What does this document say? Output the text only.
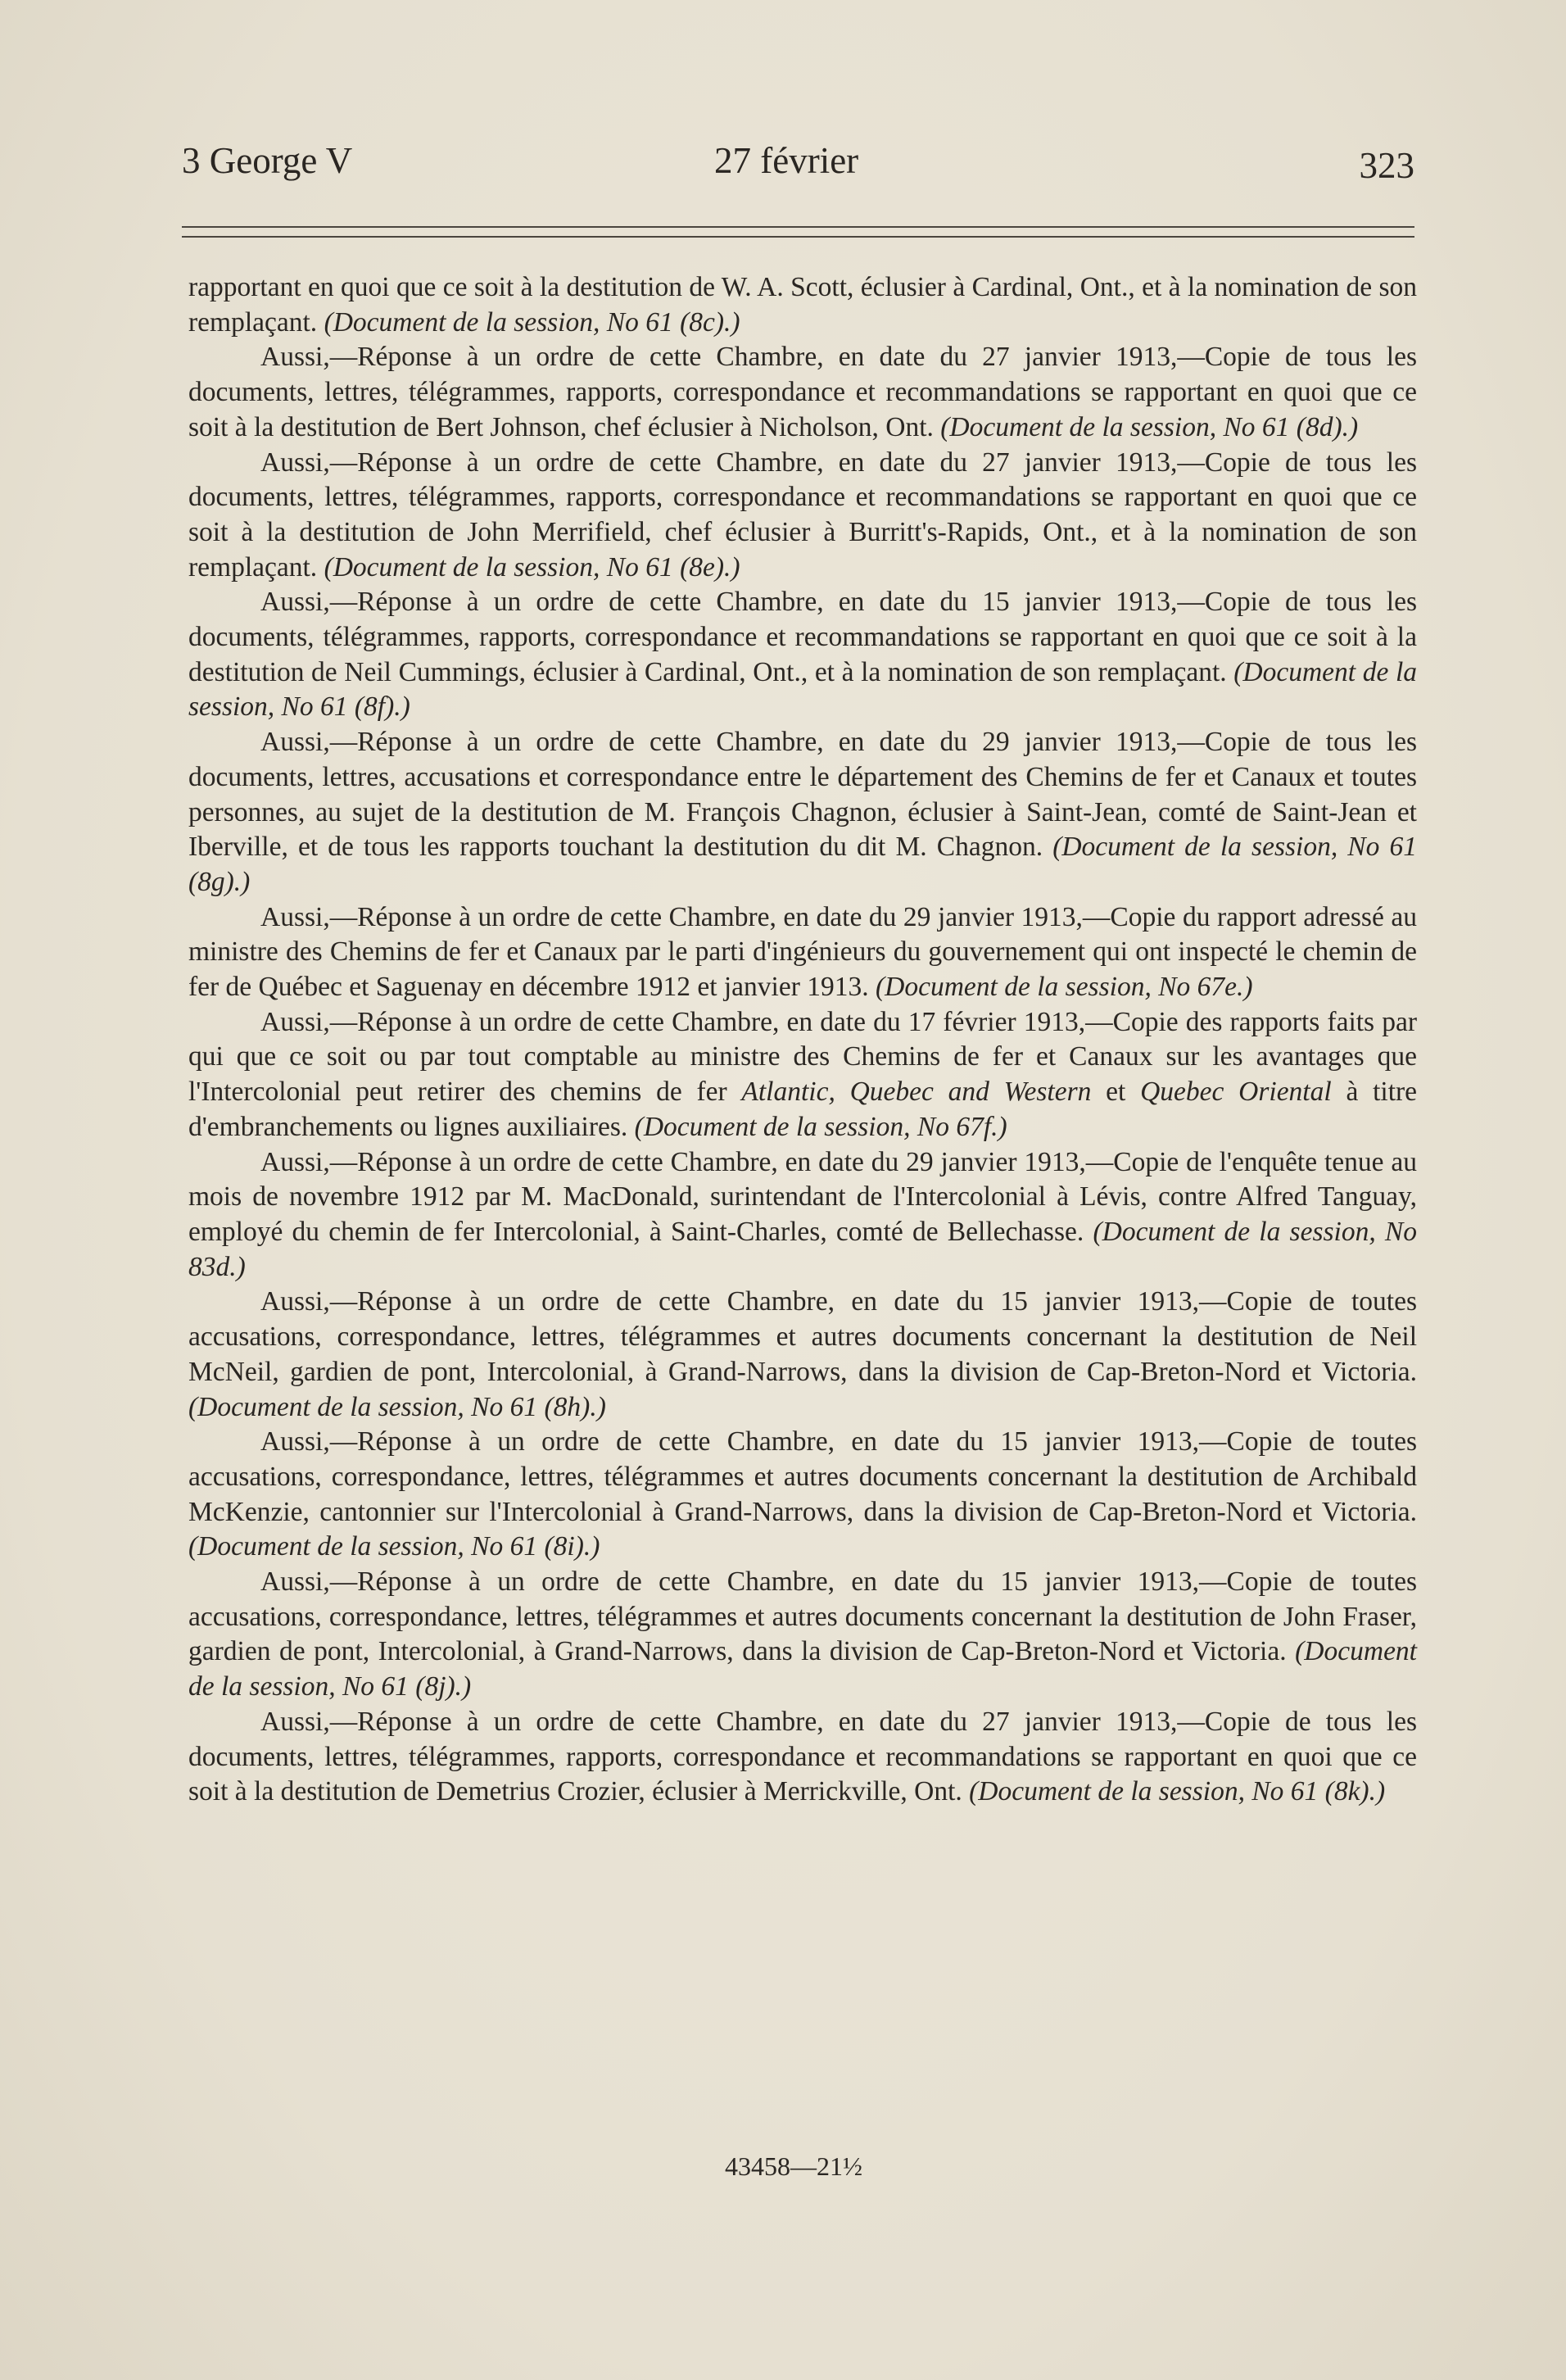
3 George V	27 février	323

rapportant en quoi que ce soit à la destitution de W. A. Scott, éclusier à Cardinal, Ont., et à la nomination de son remplaçant. (Document de la session, No 61 (8c).)

Aussi,—Réponse à un ordre de cette Chambre, en date du 27 janvier 1913,—Copie de tous les documents, lettres, télégrammes, rapports, correspondance et recommandations se rapportant en quoi que ce soit à la destitution de Bert Johnson, chef éclusier à Nicholson, Ont. (Document de la session, No 61 (8d).)

Aussi,—Réponse à un ordre de cette Chambre, en date du 27 janvier 1913,—Copie de tous les documents, lettres, télégrammes, rapports, correspondance et recommandations se rapportant en quoi que ce soit à la destitution de John Merrifield, chef éclusier à Burritt's-Rapids, Ont., et à la nomination de son remplaçant. (Document de la session, No 61 (8e).)

Aussi,—Réponse à un ordre de cette Chambre, en date du 15 janvier 1913,—Copie de tous les documents, télégrammes, rapports, correspondance et recommandations se rapportant en quoi que ce soit à la destitution de Neil Cummings, éclusier à Cardinal, Ont., et à la nomination de son remplaçant. (Document de la session, No 61 (8f).)

Aussi,—Réponse à un ordre de cette Chambre, en date du 29 janvier 1913,—Copie de tous les documents, lettres, accusations et correspondance entre le département des Chemins de fer et Canaux et toutes personnes, au sujet de la destitution de M. François Chagnon, éclusier à Saint-Jean, comté de Saint-Jean et Iberville, et de tous les rapports touchant la destitution du dit M. Chagnon. (Document de la session, No 61 (8g).)

Aussi,—Réponse à un ordre de cette Chambre, en date du 29 janvier 1913,—Copie du rapport adressé au ministre des Chemins de fer et Canaux par le parti d'ingénieurs du gouvernement qui ont inspecté le chemin de fer de Québec et Saguenay en décembre 1912 et janvier 1913. (Document de la session, No 67e.)

Aussi,—Réponse à un ordre de cette Chambre, en date du 17 février 1913,—Copie des rapports faits par qui que ce soit ou par tout comptable au ministre des Chemins de fer et Canaux sur les avantages que l'Intercolonial peut retirer des chemins de fer Atlantic, Quebec and Western et Quebec Oriental à titre d'embranchements ou lignes auxiliaires. (Document de la session, No 67f.)

Aussi,—Réponse à un ordre de cette Chambre, en date du 29 janvier 1913,—Copie de l'enquête tenue au mois de novembre 1912 par M. MacDonald, surintendant de l'Intercolonial à Lévis, contre Alfred Tanguay, employé du chemin de fer Intercolonial, à Saint-Charles, comté de Bellechasse. (Document de la session, No 83d.)

Aussi,—Réponse à un ordre de cette Chambre, en date du 15 janvier 1913,—Copie de toutes accusations, correspondance, lettres, télégrammes et autres documents concernant la destitution de Neil McNeil, gardien de pont, Intercolonial, à Grand-Narrows, dans la division de Cap-Breton-Nord et Victoria. (Document de la session, No 61 (8h).)

Aussi,—Réponse à un ordre de cette Chambre, en date du 15 janvier 1913,—Copie de toutes accusations, correspondance, lettres, télégrammes et autres documents concernant la destitution de Archibald McKenzie, cantonnier sur l'Intercolonial à Grand-Narrows, dans la division de Cap-Breton-Nord et Victoria. (Document de la session, No 61 (8i).)

Aussi,—Réponse à un ordre de cette Chambre, en date du 15 janvier 1913,—Copie de toutes accusations, correspondance, lettres, télégrammes et autres documents concernant la destitution de John Fraser, gardien de pont, Intercolonial, à Grand-Narrows, dans la division de Cap-Breton-Nord et Victoria. (Document de la session, No 61 (8j).)

Aussi,—Réponse à un ordre de cette Chambre, en date du 27 janvier 1913,—Copie de tous les documents, lettres, télégrammes, rapports, correspondance et recommandations se rapportant en quoi que ce soit à la destitution de Demetrius Crozier, éclusier à Merrickville, Ont. (Document de la session, No 61 (8k).)

43458—21½
